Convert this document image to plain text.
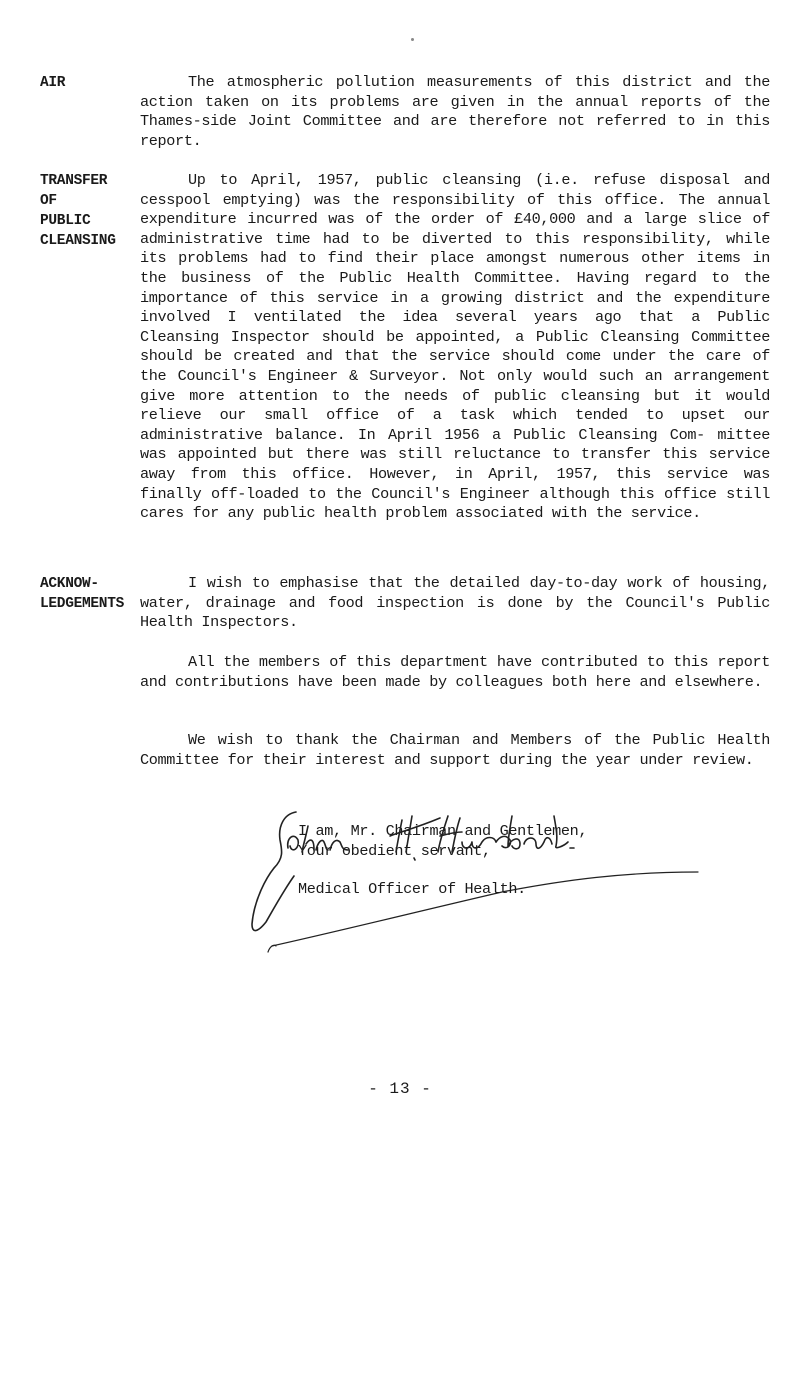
AIR	The atmospheric pollution measurements of this district and the action taken on its problems are given in the annual reports of the Thames-side Joint Committee and are therefore not referred to in this report.

TRANSFER
OF
PUBLIC
CLEANSING

Up to April, 1957, public cleansing (i.e. refuse disposal and cesspool emptying) was the responsibility of this office. The annual expenditure incurred was of the order of £40,000 and a large slice of administrative time had to be diverted to this responsibility, while its problems had to find their place amongst numerous other items in the business of the Public Health Committee. Having regard to the importance of this service in a growing district and the expenditure involved I ventilated the idea several years ago that a Public Cleansing Inspector should be appointed, a Public Cleansing Committee should be created and that the service should come under the care of the Council's Engineer & Surveyor. Not only would such an arrangement give more attention to the needs of public cleansing but it would relieve our small office of a task which tended to upset our administrative balance. In April 1956 a Public Cleansing Com- mittee was appointed but there was still reluctance to transfer this service away from this office. However, in April, 1957, this service was finally off-loaded to the Council's Engineer although this office still cares for any public health problem associated with the service.

ACKNOW-
LEDGEMENTS

I wish to emphasise that the detailed day-to-day work of housing, water, drainage and food inspection is done by the Council's Public Health Inspectors.

All the members of this department have contributed to this report and contributions have been made by colleagues both here and elsewhere.

We wish to thank the Chairman and Members of the Public Health Committee for their interest and support during the year under review.

I am, Mr. Chairman and Gentlemen,
Your obedient servant,
Medical Officer of Health.
- 13 -
